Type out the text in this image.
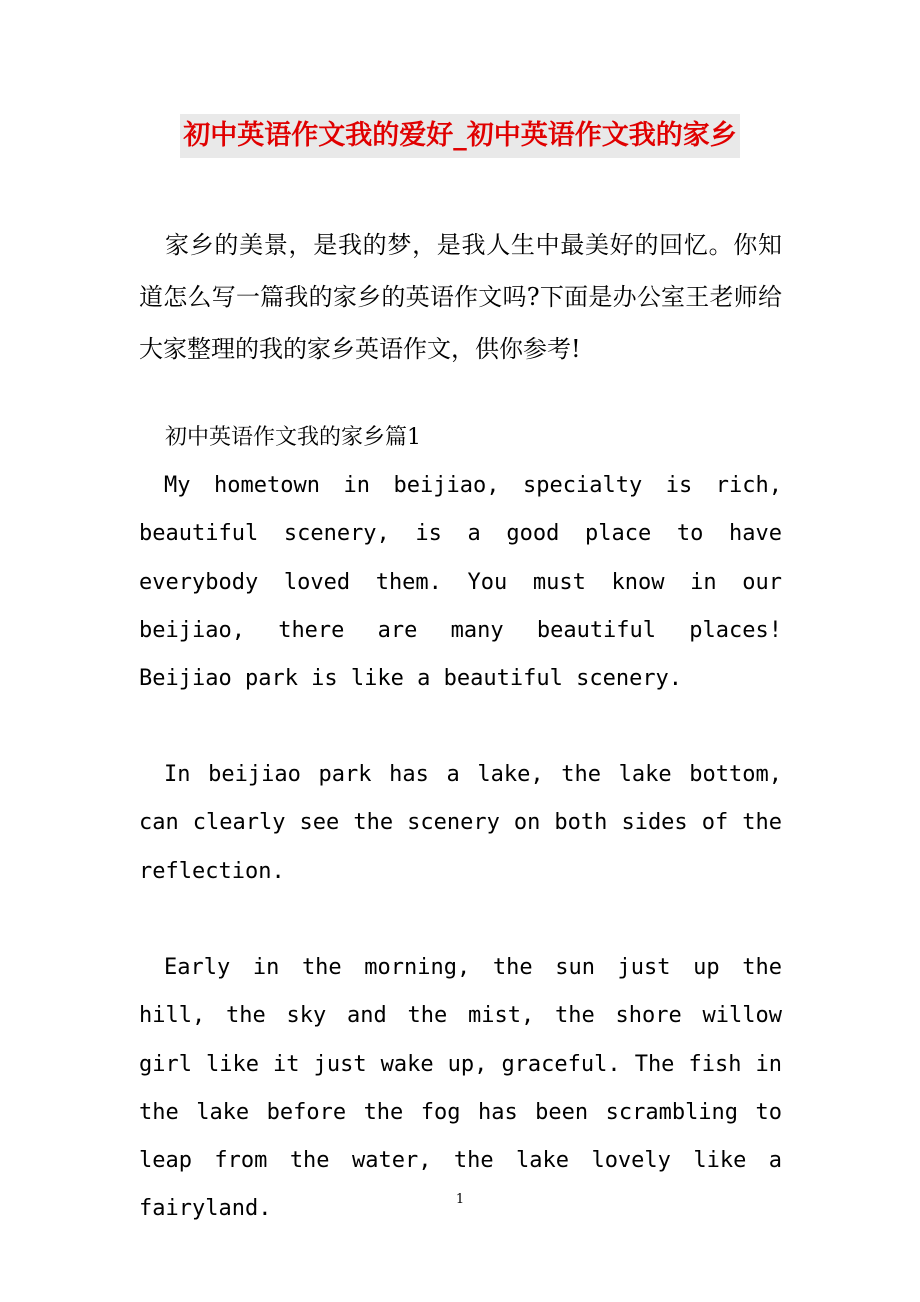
初中英语作文我的爱好_初中英语作文我的家乡
家乡的美景，是我的梦，是我人生中最美好的回忆。你知道怎么写一篇我的家乡的英语作文吗?下面是办公室王老师给大家整理的我的家乡英语作文，供你参考!
初中英语作文我的家乡篇1
My hometown in beijiao, specialty is rich, beautiful scenery, is a good place to have everybody loved them. You must know in our beijiao, there are many beautiful places! Beijiao park is like a beautiful scenery.
In beijiao park has a lake, the lake bottom, can clearly see the scenery on both sides of the reflection.
Early in the morning, the sun just up the hill, the sky and the mist, the shore willow girl like it just wake up, graceful. The fish in the lake before the fog has been scrambling to leap from the water, the lake lovely like a fairyland.	1
